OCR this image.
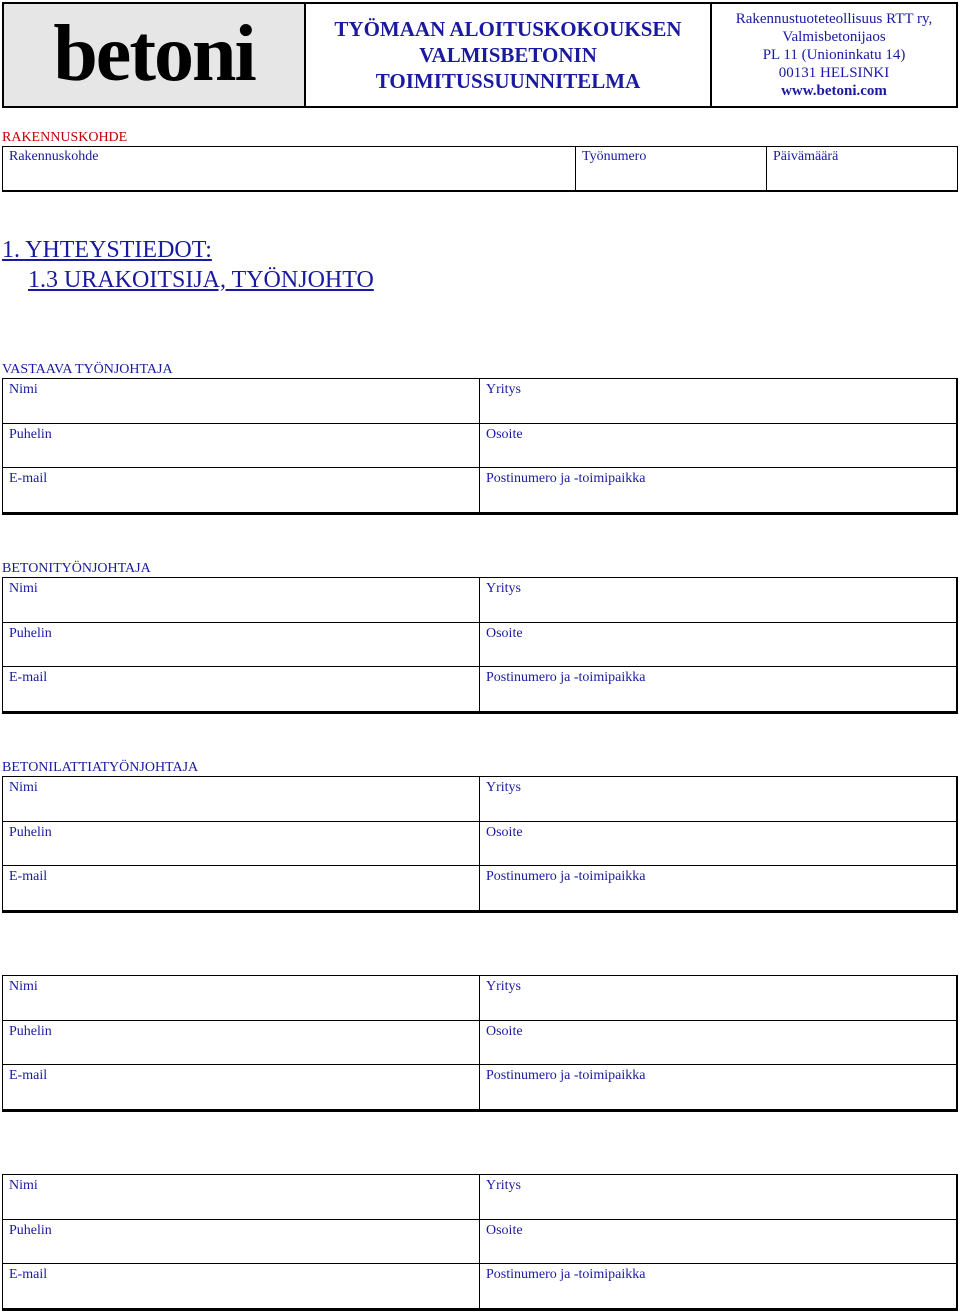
betoni	TYÖMAAN ALOITUSKOKOUKSEN
VALMISBETONIN
TOIMITUSSUUNNITELMA
Rakennustuoteteollisuus RTT ry,
Valmisbetonijaos
PL 11 (Unioninkatu 14)
00131 HELSINKI
www.betoni.com
RAKENNUSKOHDE
Rakennuskohde	Työnumero	Päivämäärä
1. YHTEYSTIEDOT:
1.3 URAKOITSIJA, TYÖNJOHTO
VASTAAVA TYÖNJOHTAJA
Nimi	Yritys
Puhelin	Osoite
E-mail	Postinumero ja -toimipaikka
BETONITYÖNJOHTAJA
Nimi	Yritys
Puhelin	Osoite
E-mail	Postinumero ja -toimipaikka
BETONILATTIATYÖNJOHTAJA
Nimi	Yritys
Puhelin	Osoite
E-mail	Postinumero ja -toimipaikka
Nimi	Yritys
Puhelin	Osoite
E-mail	Postinumero ja -toimipaikka
Nimi	Yritys
Puhelin	Osoite
E-mail	Postinumero ja -toimipaikka
